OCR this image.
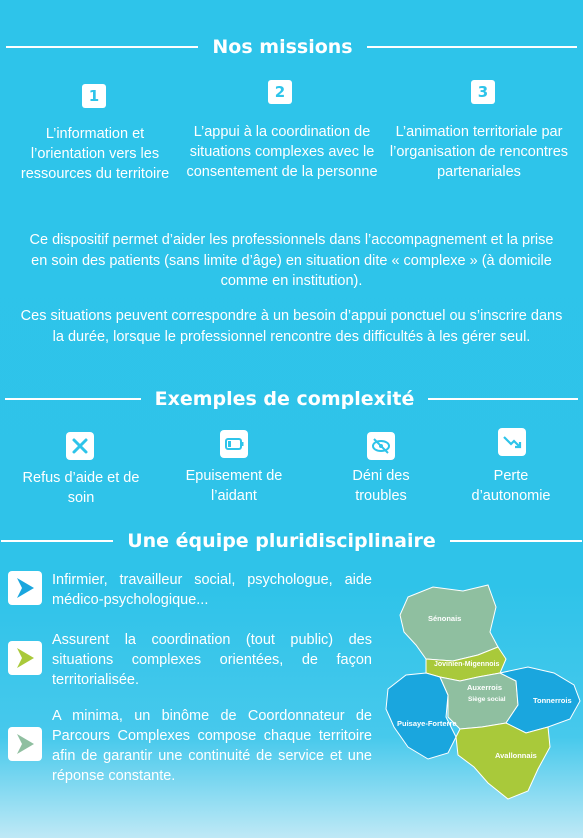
Nos missions
1	2	3
L’information et l’orientation vers les ressources du territoire
L’appui à la coordination de situations complexes avec le consentement de la personne
L’animation territoriale par l’organisation de rencontres partenariales
Ce dispositif permet d’aider les professionnels dans l’accompagnement et la prise en soin des patients (sans limite d’âge) en situation dite « complexe » (à domicile comme en institution).
Ces situations peuvent correspondre à un besoin d’appui ponctuel ou s’inscrire dans la durée, lorsque le professionnel rencontre des difficultés à les gérer seul.
Exemples de complexité
Refus d’aide et de soin
Epuisement de l’aidant
Déni des troubles
Perte d’autonomie
Une équipe pluridisciplinaire
Infirmier, travailleur social, psychologue, aide médico-psychologique...
Assurent la coordination (tout public) des situations complexes orientées, de façon territorialisée.
A minima, un binôme de Coordonnateur de Parcours Complexes compose chaque territoire afin de garantir une continuité de service et une réponse constante.
Sénonais
Jovinien-Migennois
Auxerrois
Siège social	Tonnerrois
Puisaye-Forterre
Avallonnais
